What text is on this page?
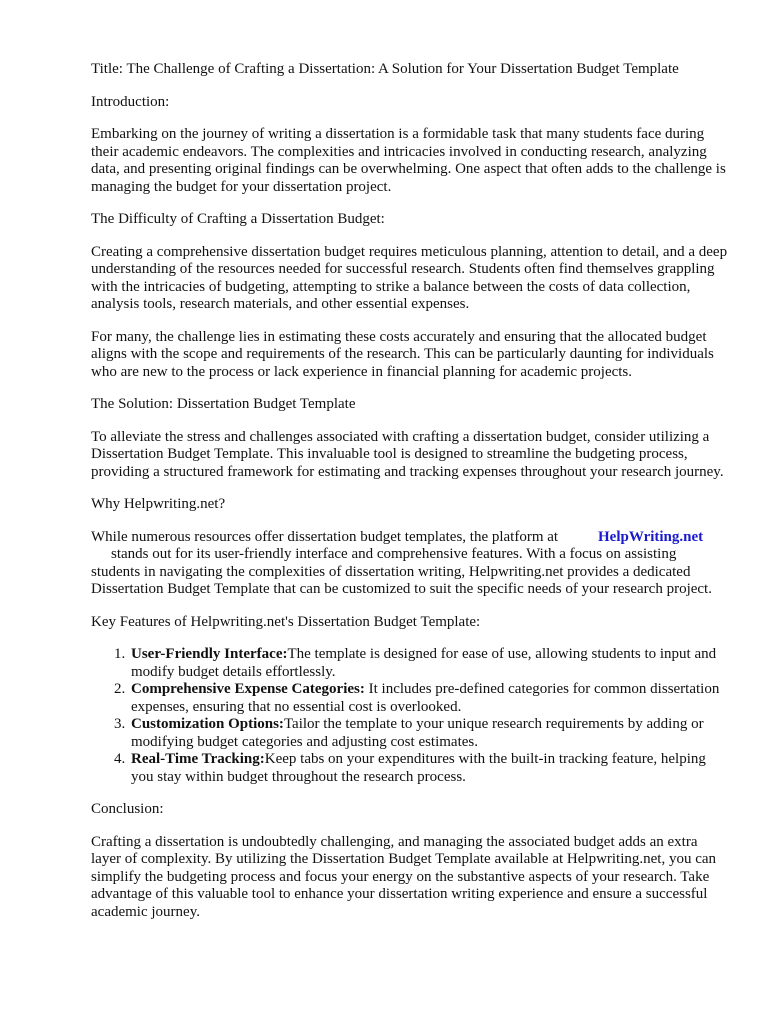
Title: The Challenge of Crafting a Dissertation: A Solution for Your Dissertation Budget Template

Introduction:

Embarking on the journey of writing a dissertation is a formidable task that many students face during their academic endeavors. The complexities and intricacies involved in conducting research, analyzing data, and presenting original findings can be overwhelming. One aspect that often adds to the challenge is managing the budget for your dissertation project.

The Difficulty of Crafting a Dissertation Budget:

Creating a comprehensive dissertation budget requires meticulous planning, attention to detail, and a deep understanding of the resources needed for successful research. Students often find themselves grappling with the intricacies of budgeting, attempting to strike a balance between the costs of data collection, analysis tools, research materials, and other essential expenses.

For many, the challenge lies in estimating these costs accurately and ensuring that the allocated budget aligns with the scope and requirements of the research. This can be particularly daunting for individuals who are new to the process or lack experience in financial planning for academic projects.

The Solution: Dissertation Budget Template

To alleviate the stress and challenges associated with crafting a dissertation budget, consider utilizing a Dissertation Budget Template. This invaluable tool is designed to streamline the budgeting process, providing a structured framework for estimating and tracking expenses throughout your research journey.

Why Helpwriting.net?

While numerous resources offer dissertation budget templates, the platform at	HelpWriting.net
stands out for its user-friendly interface and comprehensive features. With a focus on assisting
students in navigating the complexities of dissertation writing, Helpwriting.net provides a dedicated Dissertation Budget Template that can be customized to suit the specific needs of your research project.

Key Features of Helpwriting.net's Dissertation Budget Template:

1. User-Friendly Interface:The template is designed for ease of use, allowing students to input and modify budget details effortlessly.
2. Comprehensive Expense Categories: It includes pre-defined categories for common dissertation expenses, ensuring that no essential cost is overlooked.
3. Customization Options:Tailor the template to your unique research requirements by adding or modifying budget categories and adjusting cost estimates.
4. Real-Time Tracking:Keep tabs on your expenditures with the built-in tracking feature, helping you stay within budget throughout the research process.

Conclusion:

Crafting a dissertation is undoubtedly challenging, and managing the associated budget adds an extra layer of complexity. By utilizing the Dissertation Budget Template available at Helpwriting.net, you can simplify the budgeting process and focus your energy on the substantive aspects of your research. Take advantage of this valuable tool to enhance your dissertation writing experience and ensure a successful academic journey.
